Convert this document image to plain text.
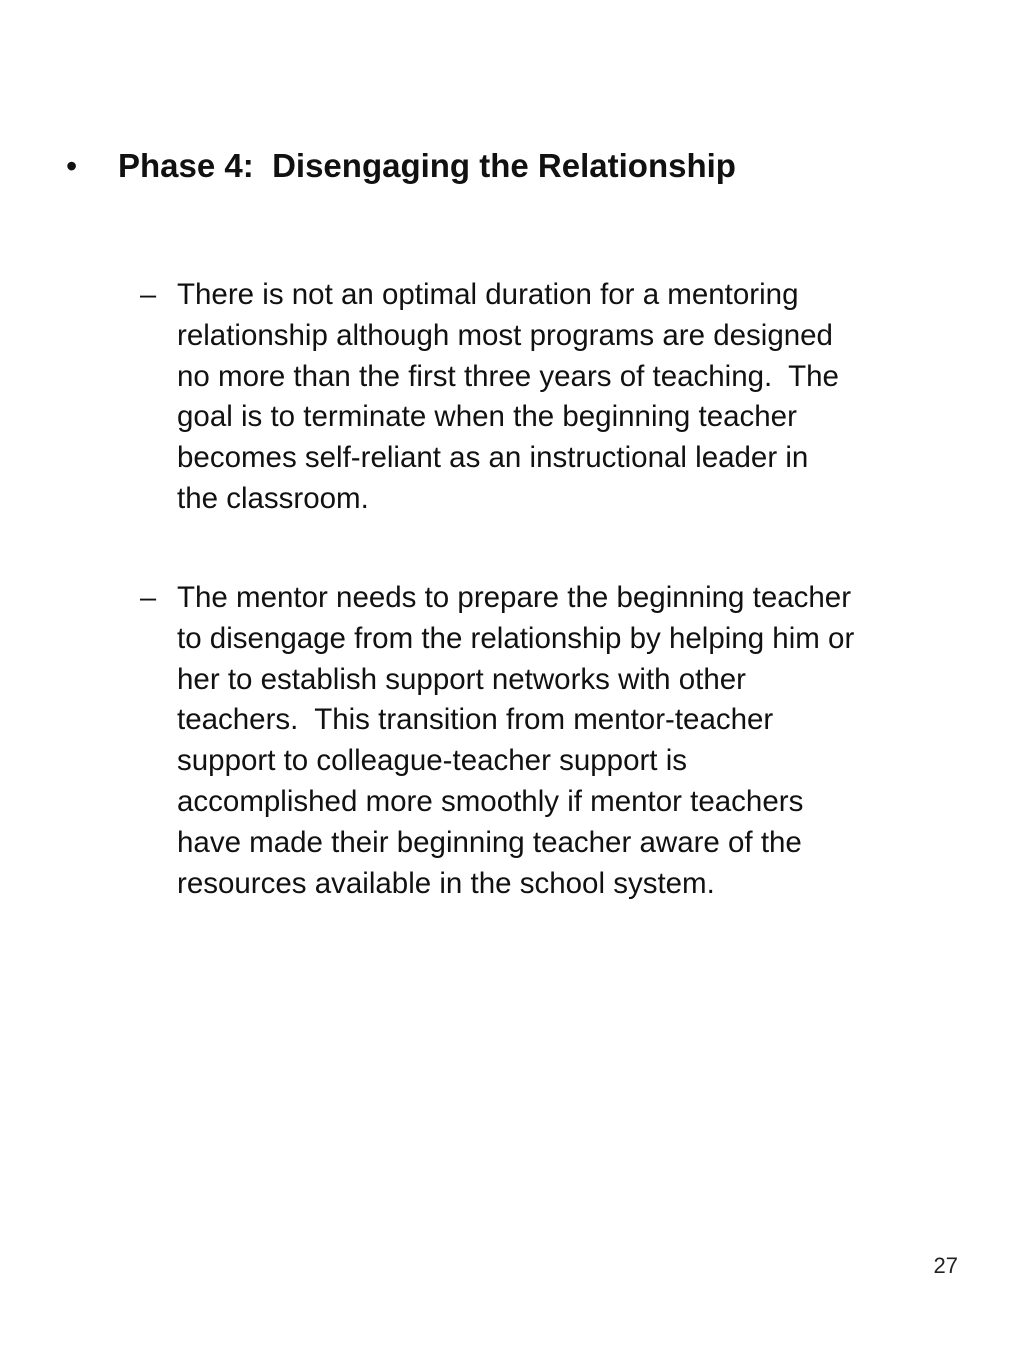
• Phase 4:  Disengaging the Relationship
– There is not an optimal duration for a mentoring
relationship although most programs are designed
no more than the first three years of teaching.  The
goal is to terminate when the beginning teacher
becomes self-reliant as an instructional leader in
the classroom.

– The mentor needs to prepare the beginning teacher
to disengage from the relationship by helping him or
her to establish support networks with other
teachers.  This transition from mentor-teacher
support to colleague-teacher support is
accomplished more smoothly if mentor teachers
have made their beginning teacher aware of the
resources available in the school system.

27
